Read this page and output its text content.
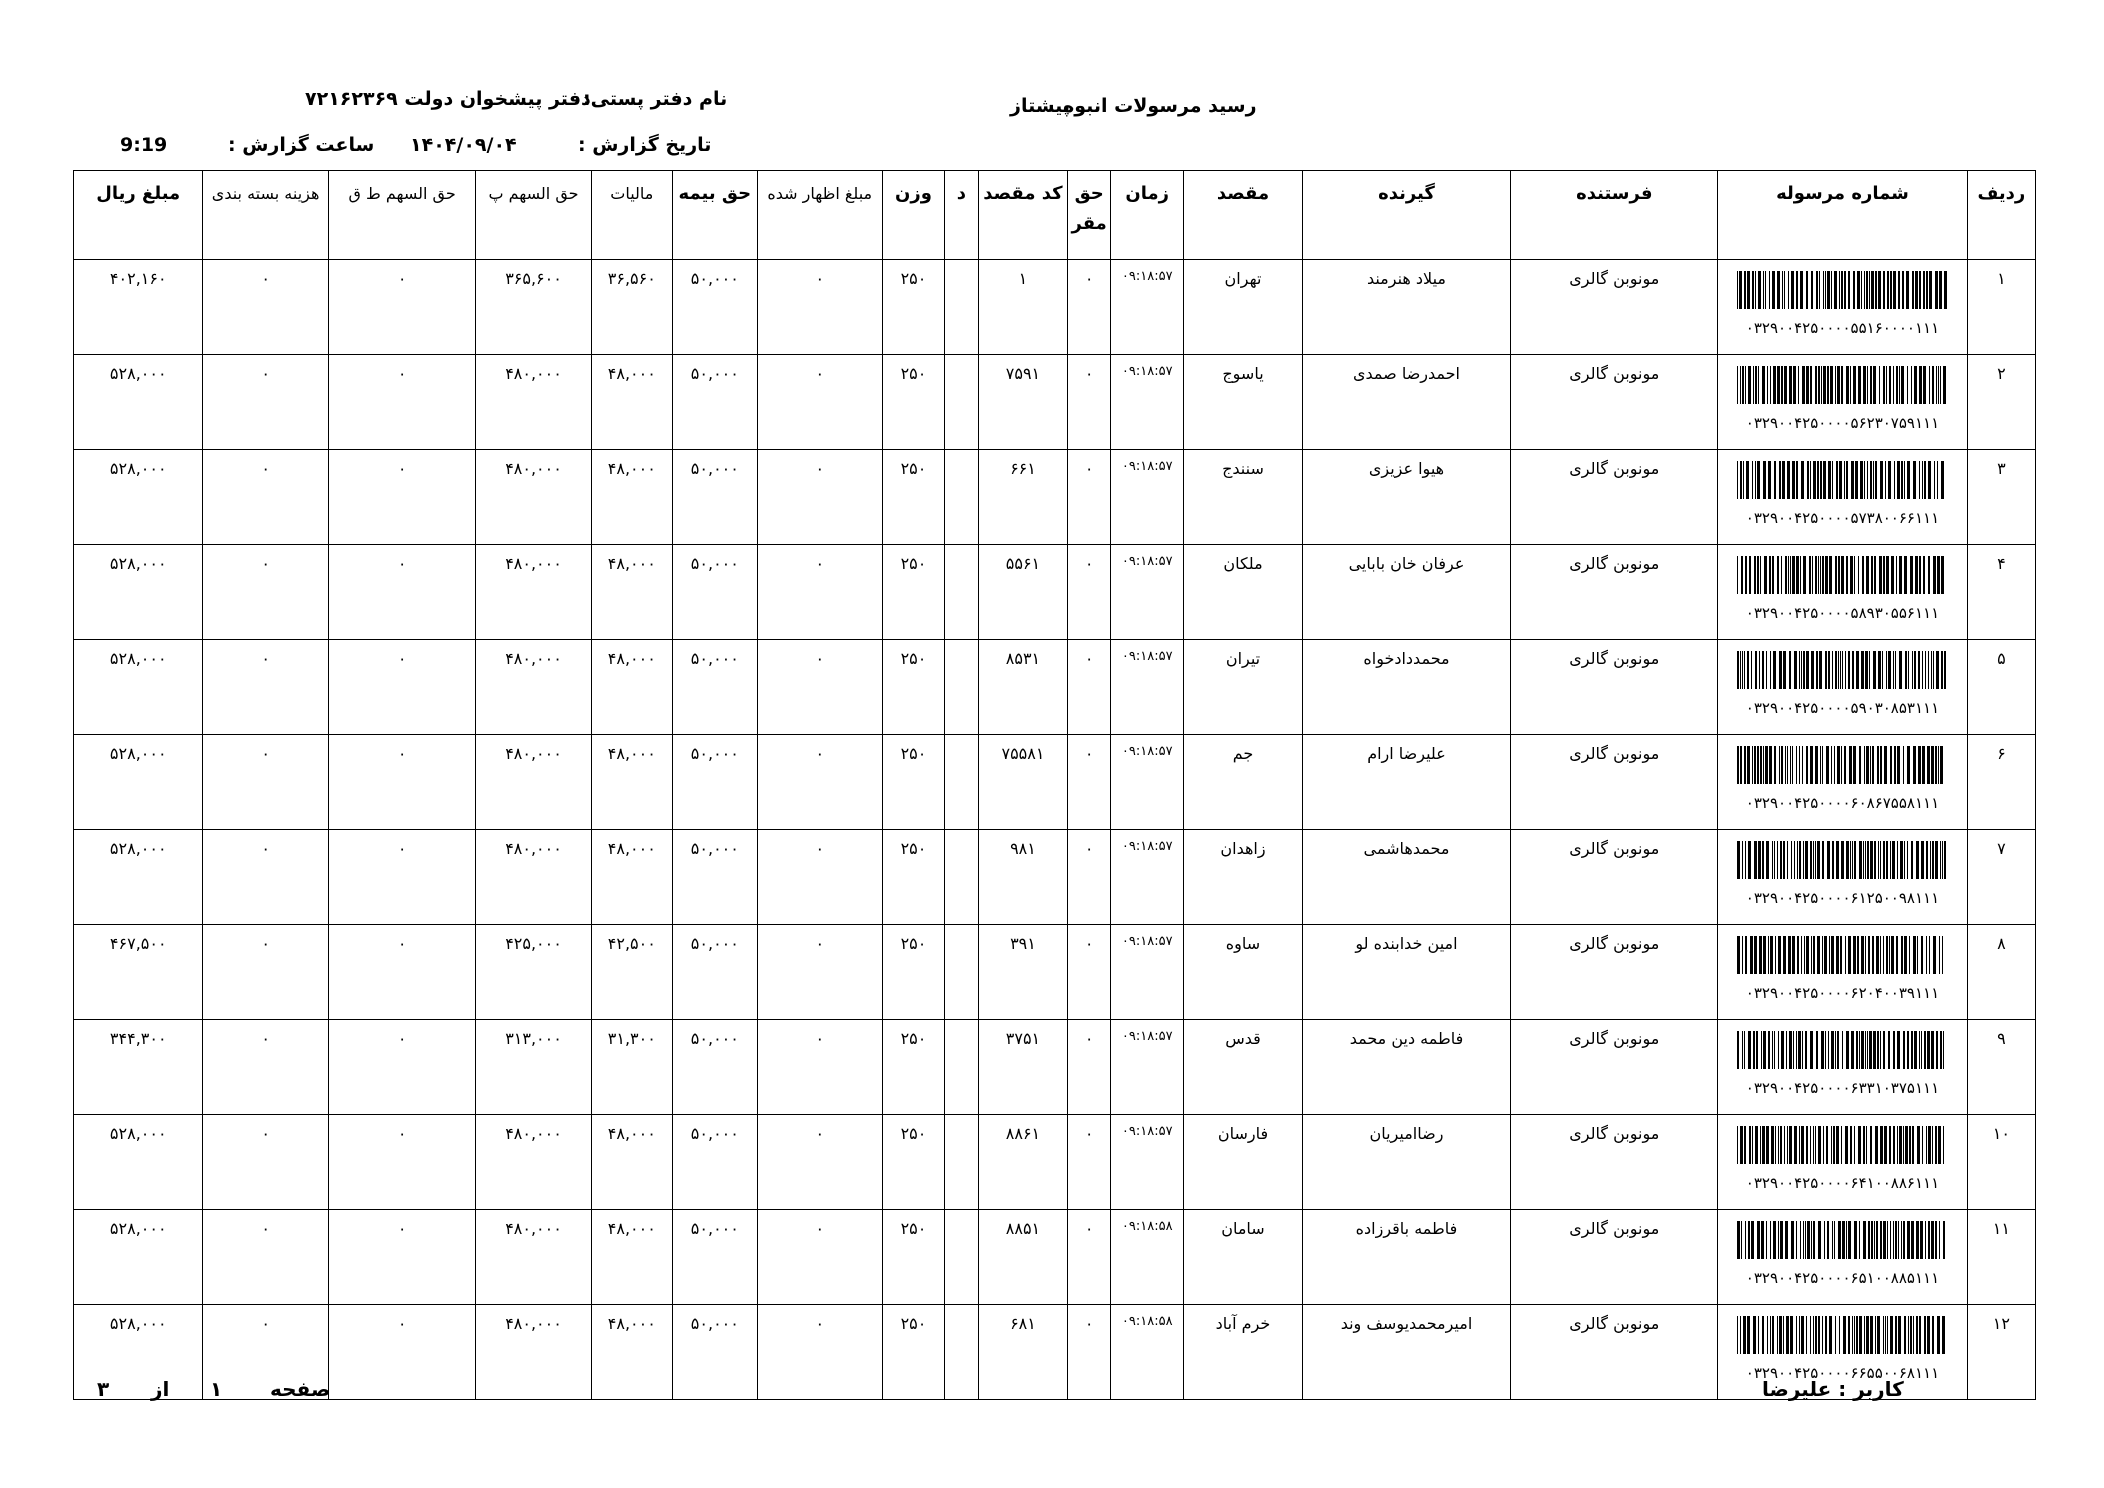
نام دفتر پستی:
دفتر پیشخوان دولت ۷۲۱۶۲۳۶۹	رسید مرسولات انبوه
پیشتاز
تاریخ گزارش :
۱۴۰۴/۰۹/۰۴
ساعت گزارش :
9:19
ردیف	شماره مرسوله	فرستنده	گیرنده	مقصد	زمان	حق مقر	کد مقصد	د	وزن	مبلغ اظهار شده	حق بیمه	مالیات	حق السهم پ	حق السهم ط ق	هزینه بسته بندی	مبلغ ریال
۱	۰۳۲۹۰۰۴۲۵۰۰۰۰۵۵۱۶۰۰۰۰۱۱۱	مونوبن گالری	میلاد هنرمند	تهران	۰۹:۱۸:۵۷	۰	۱		۲۵۰	۰	۵۰,۰۰۰	۳۶,۵۶۰	۳۶۵,۶۰۰	۰	۰	۴۰۲,۱۶۰
۲	۰۳۲۹۰۰۴۲۵۰۰۰۰۵۶۲۳۰۷۵۹۱۱۱	مونوبن گالری	احمدرضا صمدی	یاسوج	۰۹:۱۸:۵۷	۰	۷۵۹۱		۲۵۰	۰	۵۰,۰۰۰	۴۸,۰۰۰	۴۸۰,۰۰۰	۰	۰	۵۲۸,۰۰۰
۳	۰۳۲۹۰۰۴۲۵۰۰۰۰۵۷۳۸۰۰۶۶۱۱۱	مونوبن گالری	هیوا عزیزی	سنندج	۰۹:۱۸:۵۷	۰	۶۶۱		۲۵۰	۰	۵۰,۰۰۰	۴۸,۰۰۰	۴۸۰,۰۰۰	۰	۰	۵۲۸,۰۰۰
۴	۰۳۲۹۰۰۴۲۵۰۰۰۰۵۸۹۳۰۵۵۶۱۱۱	مونوبن گالری	عرفان خان بابایی	ملکان	۰۹:۱۸:۵۷	۰	۵۵۶۱		۲۵۰	۰	۵۰,۰۰۰	۴۸,۰۰۰	۴۸۰,۰۰۰	۰	۰	۵۲۸,۰۰۰
۵	۰۳۲۹۰۰۴۲۵۰۰۰۰۵۹۰۳۰۸۵۳۱۱۱	مونوبن گالری	محمددادخواه	تیران	۰۹:۱۸:۵۷	۰	۸۵۳۱		۲۵۰	۰	۵۰,۰۰۰	۴۸,۰۰۰	۴۸۰,۰۰۰	۰	۰	۵۲۸,۰۰۰
۶	۰۳۲۹۰۰۴۲۵۰۰۰۰۶۰۸۶۷۵۵۸۱۱۱	مونوبن گالری	علیرضا ارام	جم	۰۹:۱۸:۵۷	۰	۷۵۵۸۱		۲۵۰	۰	۵۰,۰۰۰	۴۸,۰۰۰	۴۸۰,۰۰۰	۰	۰	۵۲۸,۰۰۰
۷	۰۳۲۹۰۰۴۲۵۰۰۰۰۶۱۲۵۰۰۹۸۱۱۱	مونوبن گالری	محمدهاشمی	زاهدان	۰۹:۱۸:۵۷	۰	۹۸۱		۲۵۰	۰	۵۰,۰۰۰	۴۸,۰۰۰	۴۸۰,۰۰۰	۰	۰	۵۲۸,۰۰۰
۸	۰۳۲۹۰۰۴۲۵۰۰۰۰۶۲۰۴۰۰۳۹۱۱۱	مونوبن گالری	امین خدابنده لو	ساوه	۰۹:۱۸:۵۷	۰	۳۹۱		۲۵۰	۰	۵۰,۰۰۰	۴۲,۵۰۰	۴۲۵,۰۰۰	۰	۰	۴۶۷,۵۰۰
۹	۰۳۲۹۰۰۴۲۵۰۰۰۰۶۳۳۱۰۳۷۵۱۱۱	مونوبن گالری	فاطمه دین محمد	قدس	۰۹:۱۸:۵۷	۰	۳۷۵۱		۲۵۰	۰	۵۰,۰۰۰	۳۱,۳۰۰	۳۱۳,۰۰۰	۰	۰	۳۴۴,۳۰۰
۱۰	۰۳۲۹۰۰۴۲۵۰۰۰۰۶۴۱۰۰۸۸۶۱۱۱	مونوبن گالری	رضاامیریان	فارسان	۰۹:۱۸:۵۷	۰	۸۸۶۱		۲۵۰	۰	۵۰,۰۰۰	۴۸,۰۰۰	۴۸۰,۰۰۰	۰	۰	۵۲۸,۰۰۰
۱۱	۰۳۲۹۰۰۴۲۵۰۰۰۰۶۵۱۰۰۸۸۵۱۱۱	مونوبن گالری	فاطمه باقرزاده	سامان	۰۹:۱۸:۵۸	۰	۸۸۵۱		۲۵۰	۰	۵۰,۰۰۰	۴۸,۰۰۰	۴۸۰,۰۰۰	۰	۰	۵۲۸,۰۰۰
۱۲	۰۳۲۹۰۰۴۲۵۰۰۰۰۶۶۵۵۰۰۶۸۱۱۱	مونوبن گالری	امیرمحمدیوسف وند	خرم آباد	۰۹:۱۸:۵۸	۰	۶۸۱		۲۵۰	۰	۵۰,۰۰۰	۴۸,۰۰۰	۴۸۰,۰۰۰	۰	۰	۵۲۸,۰۰۰
کاربر : علیرضا
صفحه
۱
از
۳
